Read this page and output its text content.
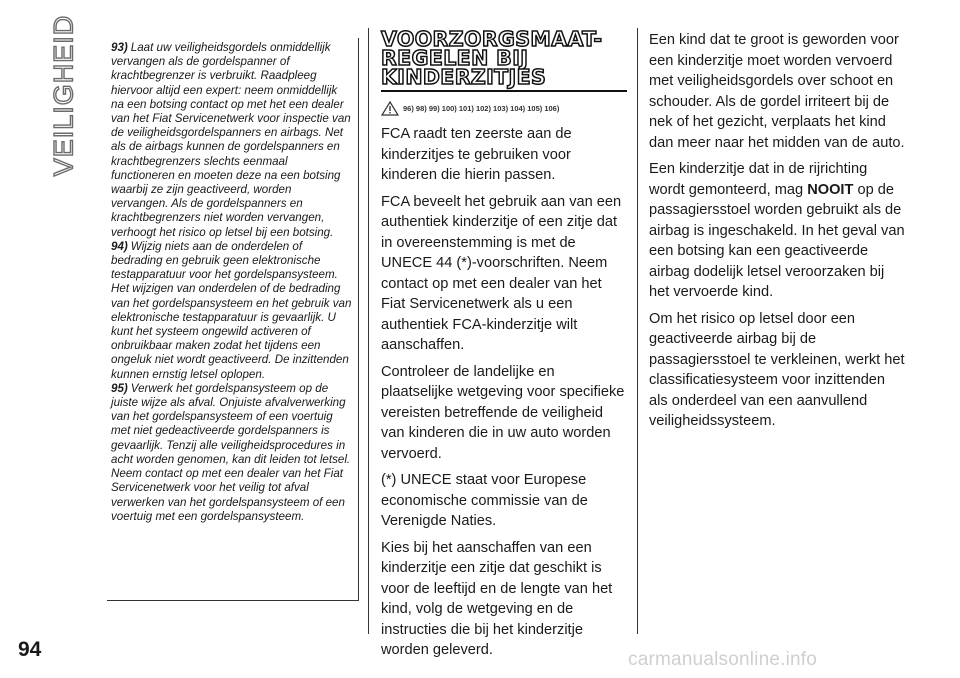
VEILIGHEID	93) Laat uw veiligheidsgordels onmiddellijk vervangen als de gordelspanner of krachtbegrenzer is verbruikt. Raadpleeg hiervoor altijd een expert: neem onmiddellijk na een botsing contact op met het een dealer van het Fiat Servicenetwerk voor inspectie van de veiligheidsgordelspanners en airbags. Net als de airbags kunnen de gordelspanners en krachtbegrenzers slechts eenmaal functioneren en moeten deze na een botsing waarbij ze zijn geactiveerd, worden vervangen. Als de gordelspanners en krachtbegrenzers niet worden vervangen, verhoogt het risico op letsel bij een botsing.

94) Wijzig niets aan de onderdelen of bedrading en gebruik geen elektronische testapparatuur voor het gordelspansysteem. Het wijzigen van onderdelen of de bedrading van het gordelspansysteem en het gebruik van elektronische testapparatuur is gevaarlijk. U kunt het systeem ongewild activeren of onbruikbaar maken zodat het tijdens een ongeluk niet wordt geactiveerd. De inzittenden kunnen ernstig letsel oplopen.

95) Verwerk het gordelspansysteem op de juiste wijze als afval. Onjuiste afvalverwerking van het gordelspansysteem of een voertuig met niet gedeactiveerde gordelspanners is gevaarlijk. Tenzij alle veiligheidsprocedures in acht worden genomen, kan dit leiden tot letsel. Neem contact op met een dealer van het Fiat Servicenetwerk voor het veilig tot afval verwerken van het gordelspansysteem of een voertuig met een gordelspansysteem.

VOORZORGSMAAT-
REGELEN BIJ
KINDERZITJES
96) 98) 99) 100) 101) 102) 103) 104) 105) 106)

FCA raadt ten zeerste aan de kinderzitjes te gebruiken voor kinderen die hierin passen.

FCA beveelt het gebruik aan van een authentiek kinderzitje of een zitje dat in overeenstemming is met de UNECE 44 (*)-voorschriften. Neem contact op met een dealer van het Fiat Servicenetwerk als u een authentiek FCA-kinderzitje wilt aanschaffen.

Controleer de landelijke en plaatselijke wetgeving voor specifieke vereisten betreffende de veiligheid van kinderen die in uw auto worden vervoerd.

(*) UNECE staat voor Europese economische commissie van de Verenigde Naties.

Kies bij het aanschaffen van een kinderzitje een zitje dat geschikt is voor de leeftijd en de lengte van het kind, volg de wetgeving en de instructies die bij het kinderzitje worden geleverd.

Een kind dat te groot is geworden voor een kinderzitje moet worden vervoerd met veiligheidsgordels over schoot en schouder. Als de gordel irriteert bij de nek of het gezicht, verplaats het kind dan meer naar het midden van de auto.

Een kinderzitje dat in de rijrichting wordt gemonteerd, mag NOOIT op de passagiersstoel worden gebruikt als de airbag is ingeschakeld. In het geval van een botsing kan een geactiveerde airbag dodelijk letsel veroorzaken bij het vervoerde kind.

Om het risico op letsel door een geactiveerde airbag bij de passagiersstoel te verkleinen, werkt het classificatiesysteem voor inzittenden als onderdeel van een aanvullend veiligheidssysteem.

94	carmanualsonline.info
